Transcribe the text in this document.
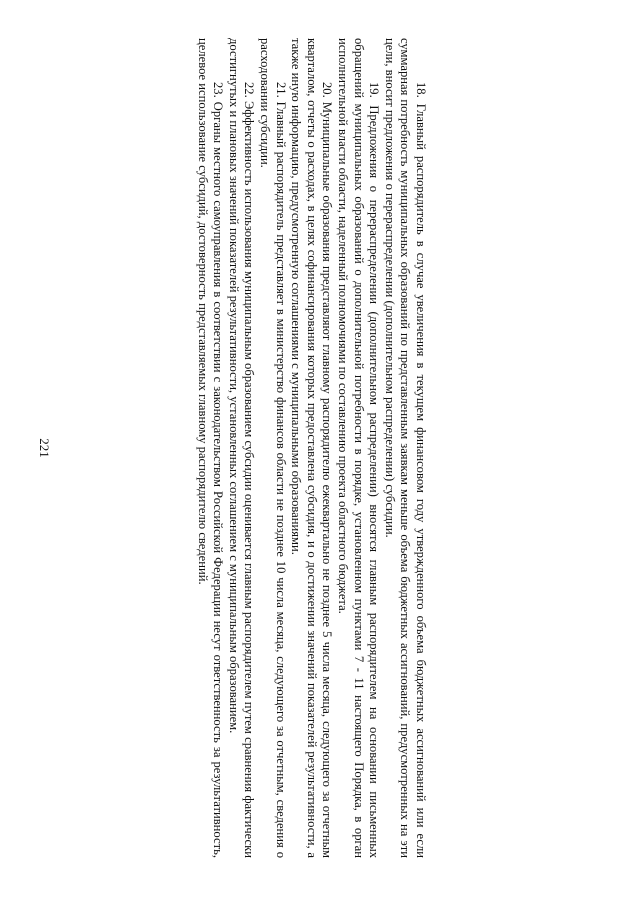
221	18. Главный распорядитель в случае увеличения в текущем финансовом году утвержденного объема бюджетных ассигнований или если суммарная потребность муниципальных образований по представленным заявкам меньше объема бюджетных ассигнований, предусмотренных на эти цели, вносит предложения о перераспределении (дополнительном распределении) субсидии.

19. Предложения о перераспределении (дополнительном распределении) вносятся главным распорядителем на основании письменных обращений муниципальных образований о дополнительной потребности в порядке, установленном пунктами 7 - 11 настоящего Порядка, в орган исполнительной власти области, наделенный полномочиями по составлению проекта областного бюджета.

20. Муниципальные образования представляют главному распорядителю ежеквартально не позднее 5 числа месяца, следующего за отчетным кварталом, отчеты о расходах, в целях софинансирования которых предоставлена субсидия, и о достижении значений показателей результативности, а также иную информацию, предусмотренную соглашениями с муниципальными образованиями.

21. Главный распорядитель представляет в министерство финансов области не позднее 10 числа месяца, следующего за отчетным, сведения о расходовании субсидии.

22. Эффективность использования муниципальным образованием субсидии оценивается главным распорядителем путем сравнения фактически достигнутых и плановых значений показателей результативности, установленных соглашением с муниципальным образованием.

23. Органы местного самоуправления в соответствии с законодательством Российской Федерации несут ответственность за результативность, целевое использование субсидий, достоверность представляемых главному распорядителю сведений.
